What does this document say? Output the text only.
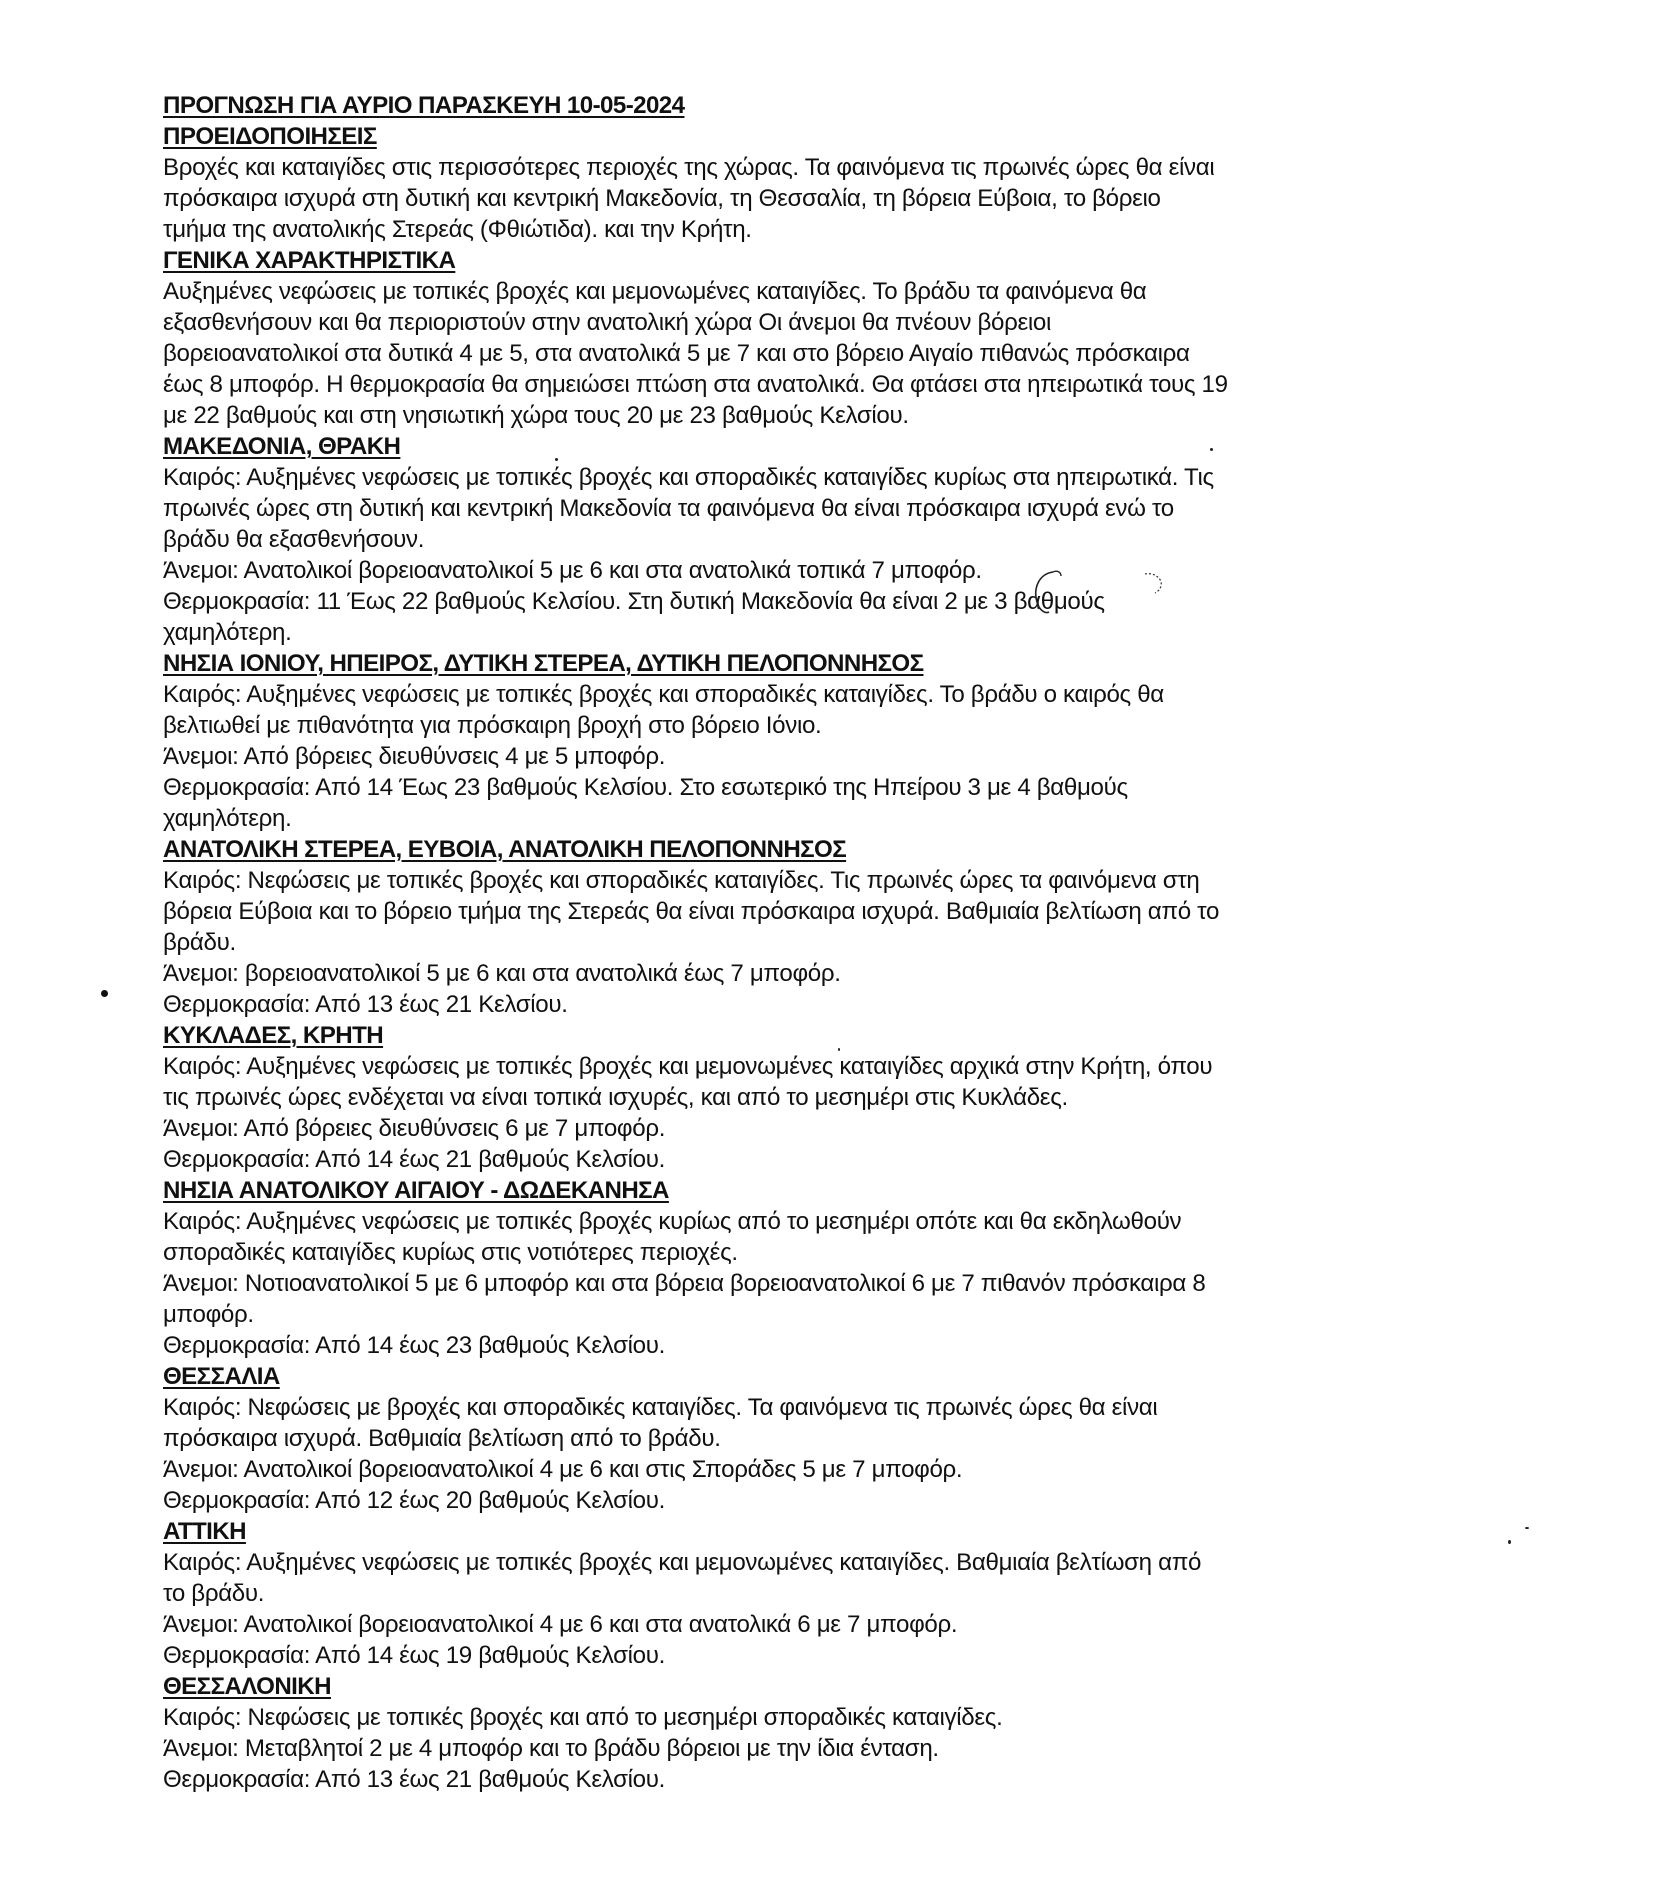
ΠΡΟΓΝΩΣΗ ΓΙΑ ΑΥΡΙΟ ΠΑΡΑΣΚΕΥΗ 10-05-2024
ΠΡΟΕΙΔΟΠΟΙΗΣΕΙΣ
Βροχές και καταιγίδες στις περισσότερες περιοχές της χώρας. Τα φαινόμενα τις πρωινές ώρες θα είναι
πρόσκαιρα ισχυρά στη δυτική και κεντρική Μακεδονία, τη Θεσσαλία, τη βόρεια Εύβοια, το βόρειο
τμήμα της ανατολικής Στερεάς (Φθιώτιδα). και την Κρήτη.
ΓΕΝΙΚΑ ΧΑΡΑΚΤΗΡΙΣΤΙΚΑ
Αυξημένες νεφώσεις με τοπικές βροχές και μεμονωμένες καταιγίδες. Το βράδυ τα φαινόμενα θα
εξασθενήσουν και θα περιοριστούν στην ανατολική χώρα Οι άνεμοι θα πνέουν βόρειοι
βορειοανατολικοί στα δυτικά 4 με 5, στα ανατολικά 5 με 7 και στο βόρειο Αιγαίο πιθανώς πρόσκαιρα
έως 8 μποφόρ. Η θερμοκρασία θα σημειώσει πτώση στα ανατολικά. Θα φτάσει στα ηπειρωτικά τους 19
με 22 βαθμούς και στη νησιωτική χώρα τους 20 με 23 βαθμούς Κελσίου.
ΜΑΚΕΔΟΝΙΑ, ΘΡΑΚΗ
Καιρός: Αυξημένες νεφώσεις με τοπικές βροχές και σποραδικές καταιγίδες κυρίως στα ηπειρωτικά. Τις
πρωινές ώρες στη δυτική και κεντρική Μακεδονία τα φαινόμενα θα είναι πρόσκαιρα ισχυρά ενώ το
βράδυ θα εξασθενήσουν.
Άνεμοι: Ανατολικοί βορειοανατολικοί 5 με 6 και στα ανατολικά τοπικά 7 μποφόρ.
Θερμοκρασία: 11 Έως 22 βαθμούς Κελσίου. Στη δυτική Μακεδονία θα είναι 2 με 3 βαθμούς
χαμηλότερη.
ΝΗΣΙΑ ΙΟΝΙΟΥ, ΗΠΕΙΡΟΣ, ΔΥΤΙΚΗ ΣΤΕΡΕΑ, ΔΥΤΙΚΗ ΠΕΛΟΠΟΝΝΗΣΟΣ
Καιρός: Αυξημένες νεφώσεις με τοπικές βροχές και σποραδικές καταιγίδες. Το βράδυ ο καιρός θα
βελτιωθεί με πιθανότητα για πρόσκαιρη βροχή στο βόρειο Ιόνιο.
Άνεμοι: Από βόρειες διευθύνσεις 4 με 5 μποφόρ.
Θερμοκρασία: Από 14 Έως 23 βαθμούς Κελσίου. Στο εσωτερικό της Ηπείρου 3 με 4 βαθμούς
χαμηλότερη.
ΑΝΑΤΟΛΙΚΗ ΣΤΕΡΕΑ, ΕΥΒΟΙΑ, ΑΝΑΤΟΛΙΚΗ ΠΕΛΟΠΟΝΝΗΣΟΣ
Καιρός: Νεφώσεις με τοπικές βροχές και σποραδικές καταιγίδες. Τις πρωινές ώρες τα φαινόμενα στη
βόρεια Εύβοια και το βόρειο τμήμα της Στερεάς θα είναι πρόσκαιρα ισχυρά. Βαθμιαία βελτίωση από το
βράδυ.
Άνεμοι: βορειοανατολικοί 5 με 6 και στα ανατολικά έως 7 μποφόρ.
Θερμοκρασία: Από 13 έως 21 Κελσίου.
ΚΥΚΛΑΔΕΣ, ΚΡΗΤΗ
Καιρός: Αυξημένες νεφώσεις με τοπικές βροχές και μεμονωμένες καταιγίδες αρχικά στην Κρήτη, όπου
τις πρωινές ώρες ενδέχεται να είναι τοπικά ισχυρές, και από το μεσημέρι στις Κυκλάδες.
Άνεμοι: Από βόρειες διευθύνσεις 6 με 7 μποφόρ.
Θερμοκρασία: Από 14 έως 21 βαθμούς Κελσίου.
ΝΗΣΙΑ ΑΝΑΤΟΛΙΚΟΥ ΑΙΓΑΙΟΥ - ΔΩΔΕΚΑΝΗΣΑ
Καιρός: Αυξημένες νεφώσεις με τοπικές βροχές κυρίως από το μεσημέρι οπότε και θα εκδηλωθούν
σποραδικές καταιγίδες κυρίως στις νοτιότερες περιοχές.
Άνεμοι: Νοτιοανατολικοί 5 με 6 μποφόρ και στα βόρεια βορειοανατολικοί 6 με 7 πιθανόν πρόσκαιρα 8
μποφόρ.
Θερμοκρασία: Από 14 έως 23 βαθμούς Κελσίου.
ΘΕΣΣΑΛΙΑ
Καιρός: Νεφώσεις με βροχές και σποραδικές καταιγίδες. Τα φαινόμενα τις πρωινές ώρες θα είναι
πρόσκαιρα ισχυρά. Βαθμιαία βελτίωση από το βράδυ.
Άνεμοι: Ανατολικοί βορειοανατολικοί 4 με 6 και στις Σποράδες 5 με 7 μποφόρ.
Θερμοκρασία: Από 12 έως 20 βαθμούς Κελσίου.
ΑΤΤΙΚΗ
Καιρός: Αυξημένες νεφώσεις με τοπικές βροχές και μεμονωμένες καταιγίδες. Βαθμιαία βελτίωση από
το βράδυ.
Άνεμοι: Ανατολικοί βορειοανατολικοί 4 με 6 και στα ανατολικά 6 με 7 μποφόρ.
Θερμοκρασία: Από 14 έως 19 βαθμούς Κελσίου.
ΘΕΣΣΑΛΟΝΙΚΗ
Καιρός: Νεφώσεις με τοπικές βροχές και από το μεσημέρι σποραδικές καταιγίδες.
Άνεμοι: Μεταβλητοί 2 με 4 μποφόρ και το βράδυ βόρειοι με την ίδια ένταση.
Θερμοκρασία: Από 13 έως 21 βαθμούς Κελσίου.
